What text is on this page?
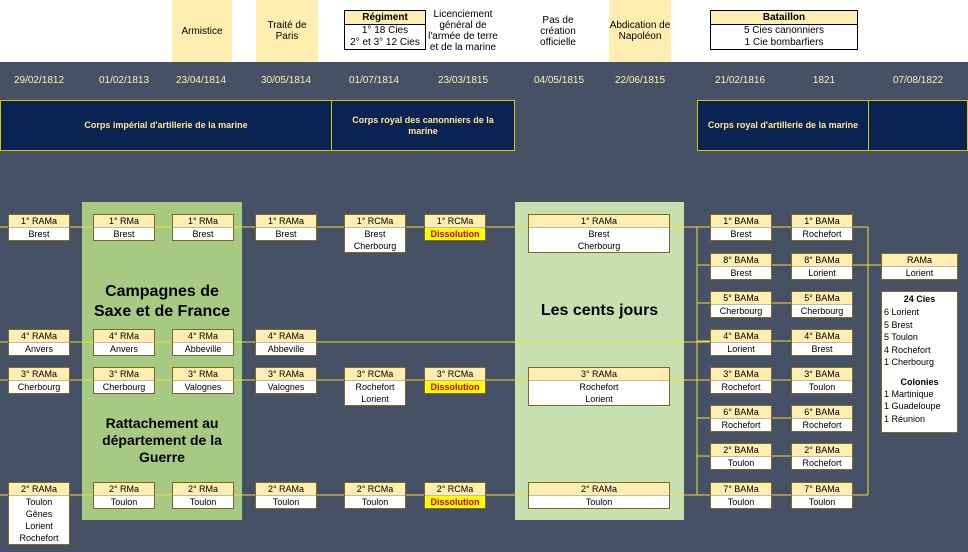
Armistice	Traité de Paris
Licenciement général de l'armée de terre et de la marine
Pas de création officielle
Abdication de Napoléon
Régiment
1° 18 Cies
2° et 3° 12 Cies
Bataillon
5 Cies canonniers
1 Cie bombarfiers
29/02/1812	01/02/1813	23/04/1814	30/05/1814	01/07/1814	23/03/1815	04/05/1815	22/06/1815	21/02/1816	1821	07/08/1822
Corps impérial d'artillerie de la marine
Corps royal des canonniers de la marine
Corps royal d'artillerie de la marine
Campagnes de Saxe et de France
Rattachement au département de la Guerre
Les cents jours
1° RAMa
Brest
4° RAMa
Anvers
3° RAMa
Cherbourg
2° RAMa
Toulon
Gênes
Lorient
Rochefort
1° RMa
Brest
4° RMa
Anvers
3° RMa
Cherbourg
2° RMa
Toulon
1° RMa
Brest
4° RMa
Abbeville
3° RMa
Valognes
2° RMa
Toulon
1° RAMa
Brest
4° RAMa
Abbeville
3° RAMa
Valognes
2° RAMa
Toulon
1° RCMa
Brest
Cherbourg
3° RCMa
Rochefort
Lorient
2° RCMa
Toulon
1° RCMa
Dissolution
3° RCMa
Dissolution
2° RCMa
Dissolution
1° RAMa
Brest
Cherbourg
3° RAMa
Rochefort
Lorient
2° RAMa
Toulon
1° BAMa
Brest
8° BAMa
Brest
5° BAMa
Cherbourg
4° BAMa
Lorient
3° BAMa
Rochefort
6° BAMa
Rochefort
2° BAMa
Toulon
7° BAMa
Toulon
1° BAMa
Rochefort
8° BAMa
Lorient
5° BAMa
Cherbourg
4° BAMa
Brest
3° BAMa
Toulon
6° BAMa
Rochefort
2° BAMa
Rochefort
7° BAMa
Toulon
RAMa
Lorient
24 Cies
6 Lorient
5 Brest
5 Toulon
4 Rochefort
1 Cherbourg
Colonies
1 Martinique
1 Guadeloupe
1 Réunion
